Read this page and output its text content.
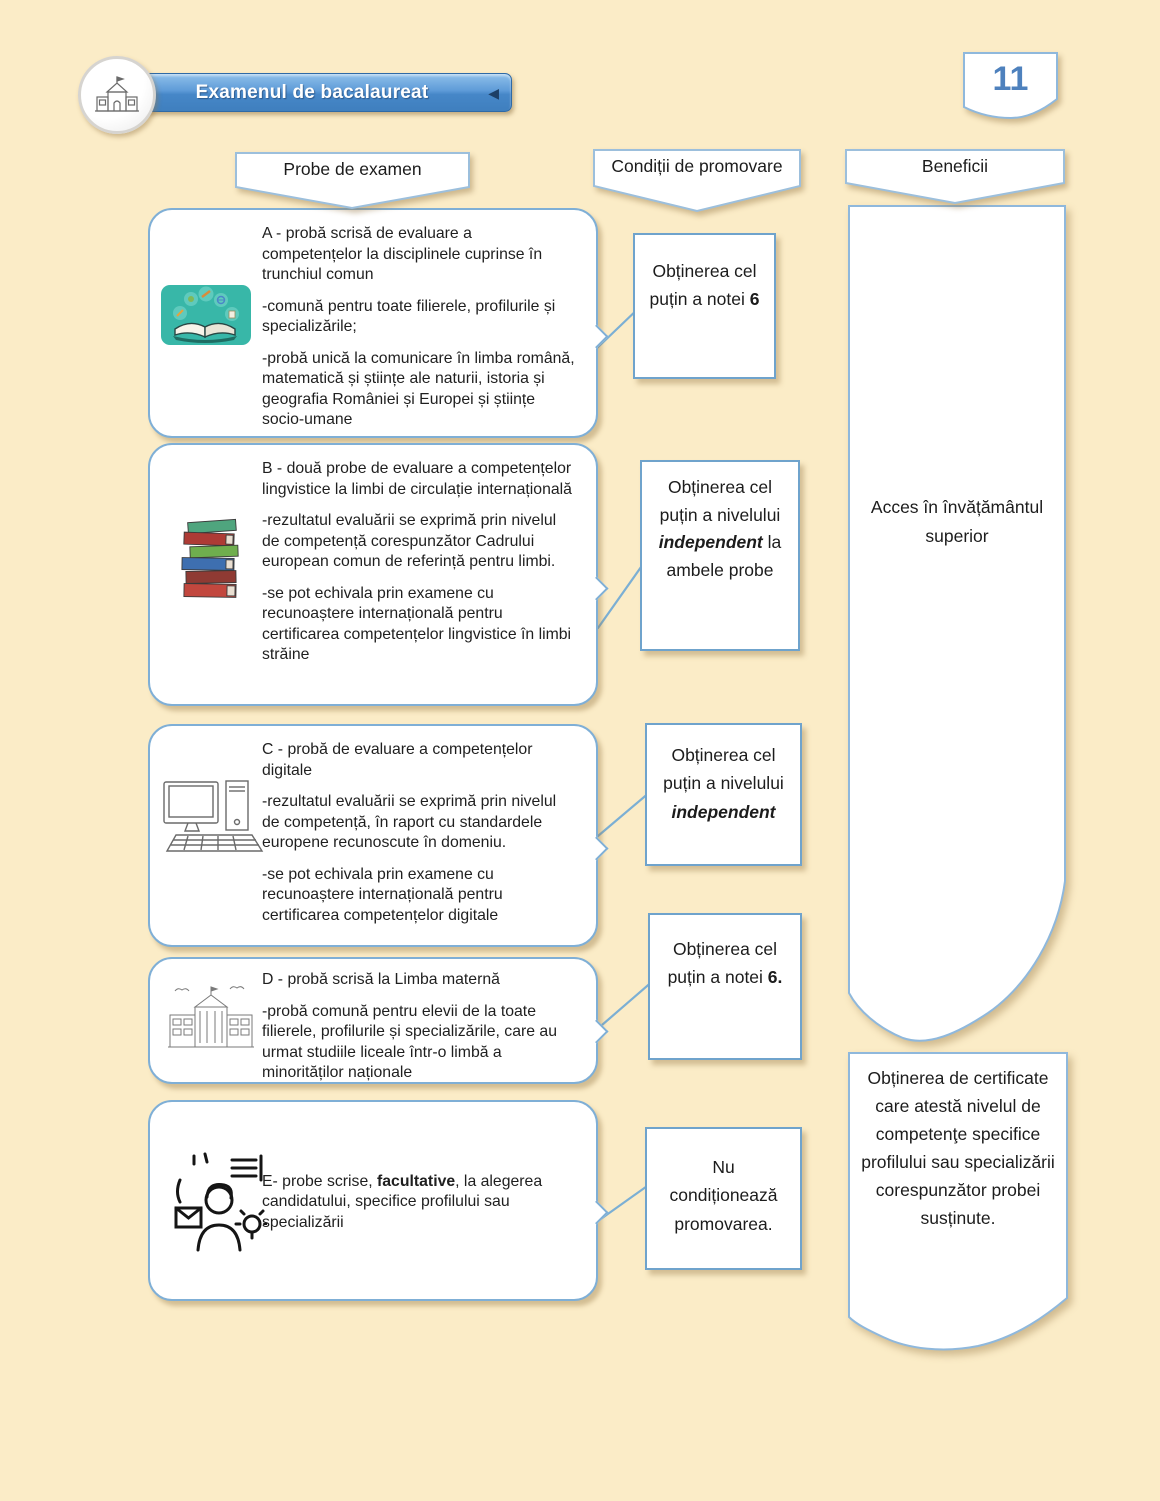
Examenul de bacalaureat	◀	11
Probe de examen	Condiții de promovare	Beneficii

A - probă scrisă de evaluare a competențelor la disciplinele cuprinse în trunchiul comun

-comună pentru toate filierele, profilurile și specializările;

-probă unică la comunicare în limba română, matematică și științe ale naturii, istoria și geografia României și Europei și științe socio-umane

B - două probe de evaluare a competențelor lingvistice la limbi de circulație internațională

-rezultatul evaluării se exprimă prin nivelul de competență corespunzător Cadrului european comun de referință pentru limbi.

-se pot echivala prin examene cu recunoaștere internațională pentru certificarea competențelor lingvistice în limbi străine

C - probă de evaluare a competențelor digitale

-rezultatul evaluării se exprimă prin nivelul de competență, în raport cu standardele europene recunoscute în domeniu.

-se pot echivala prin examene cu recunoaștere internațională pentru certificarea competențelor digitale

D - probă scrisă la Limba maternă

-probă comună pentru elevii de la toate filierele, profilurile și specializările, care au urmat studiile liceale într-o limbă a minorităților naționale

E- probe scrise, facultative, la alegerea candidatului, specifice profilului sau specializării

Obținerea cel puțin a notei 6
Obținerea cel puțin a nivelului independent la ambele probe
Obținerea cel puțin a nivelului independent
Obținerea cel puțin a notei 6.
Nu condiționează promovarea.
Acces în învățământul superior
Obținerea de certificate care atestă nivelul de competenţe specifice profilului sau specializării corespunzător probei susținute.
